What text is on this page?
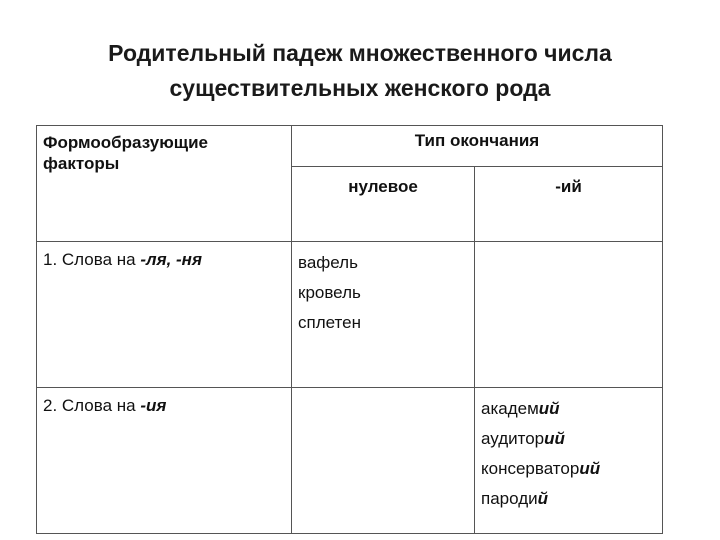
Родительный падеж множественного числа
существительных женского рода
Формообразующие факторы	Тип окончания	
	нулевое	-ий
1. Слова на -ля, -ня	вафель
кровель
сплетен	

2. Слова на -ия		академий
аудиторий
консерваторий
пародий
